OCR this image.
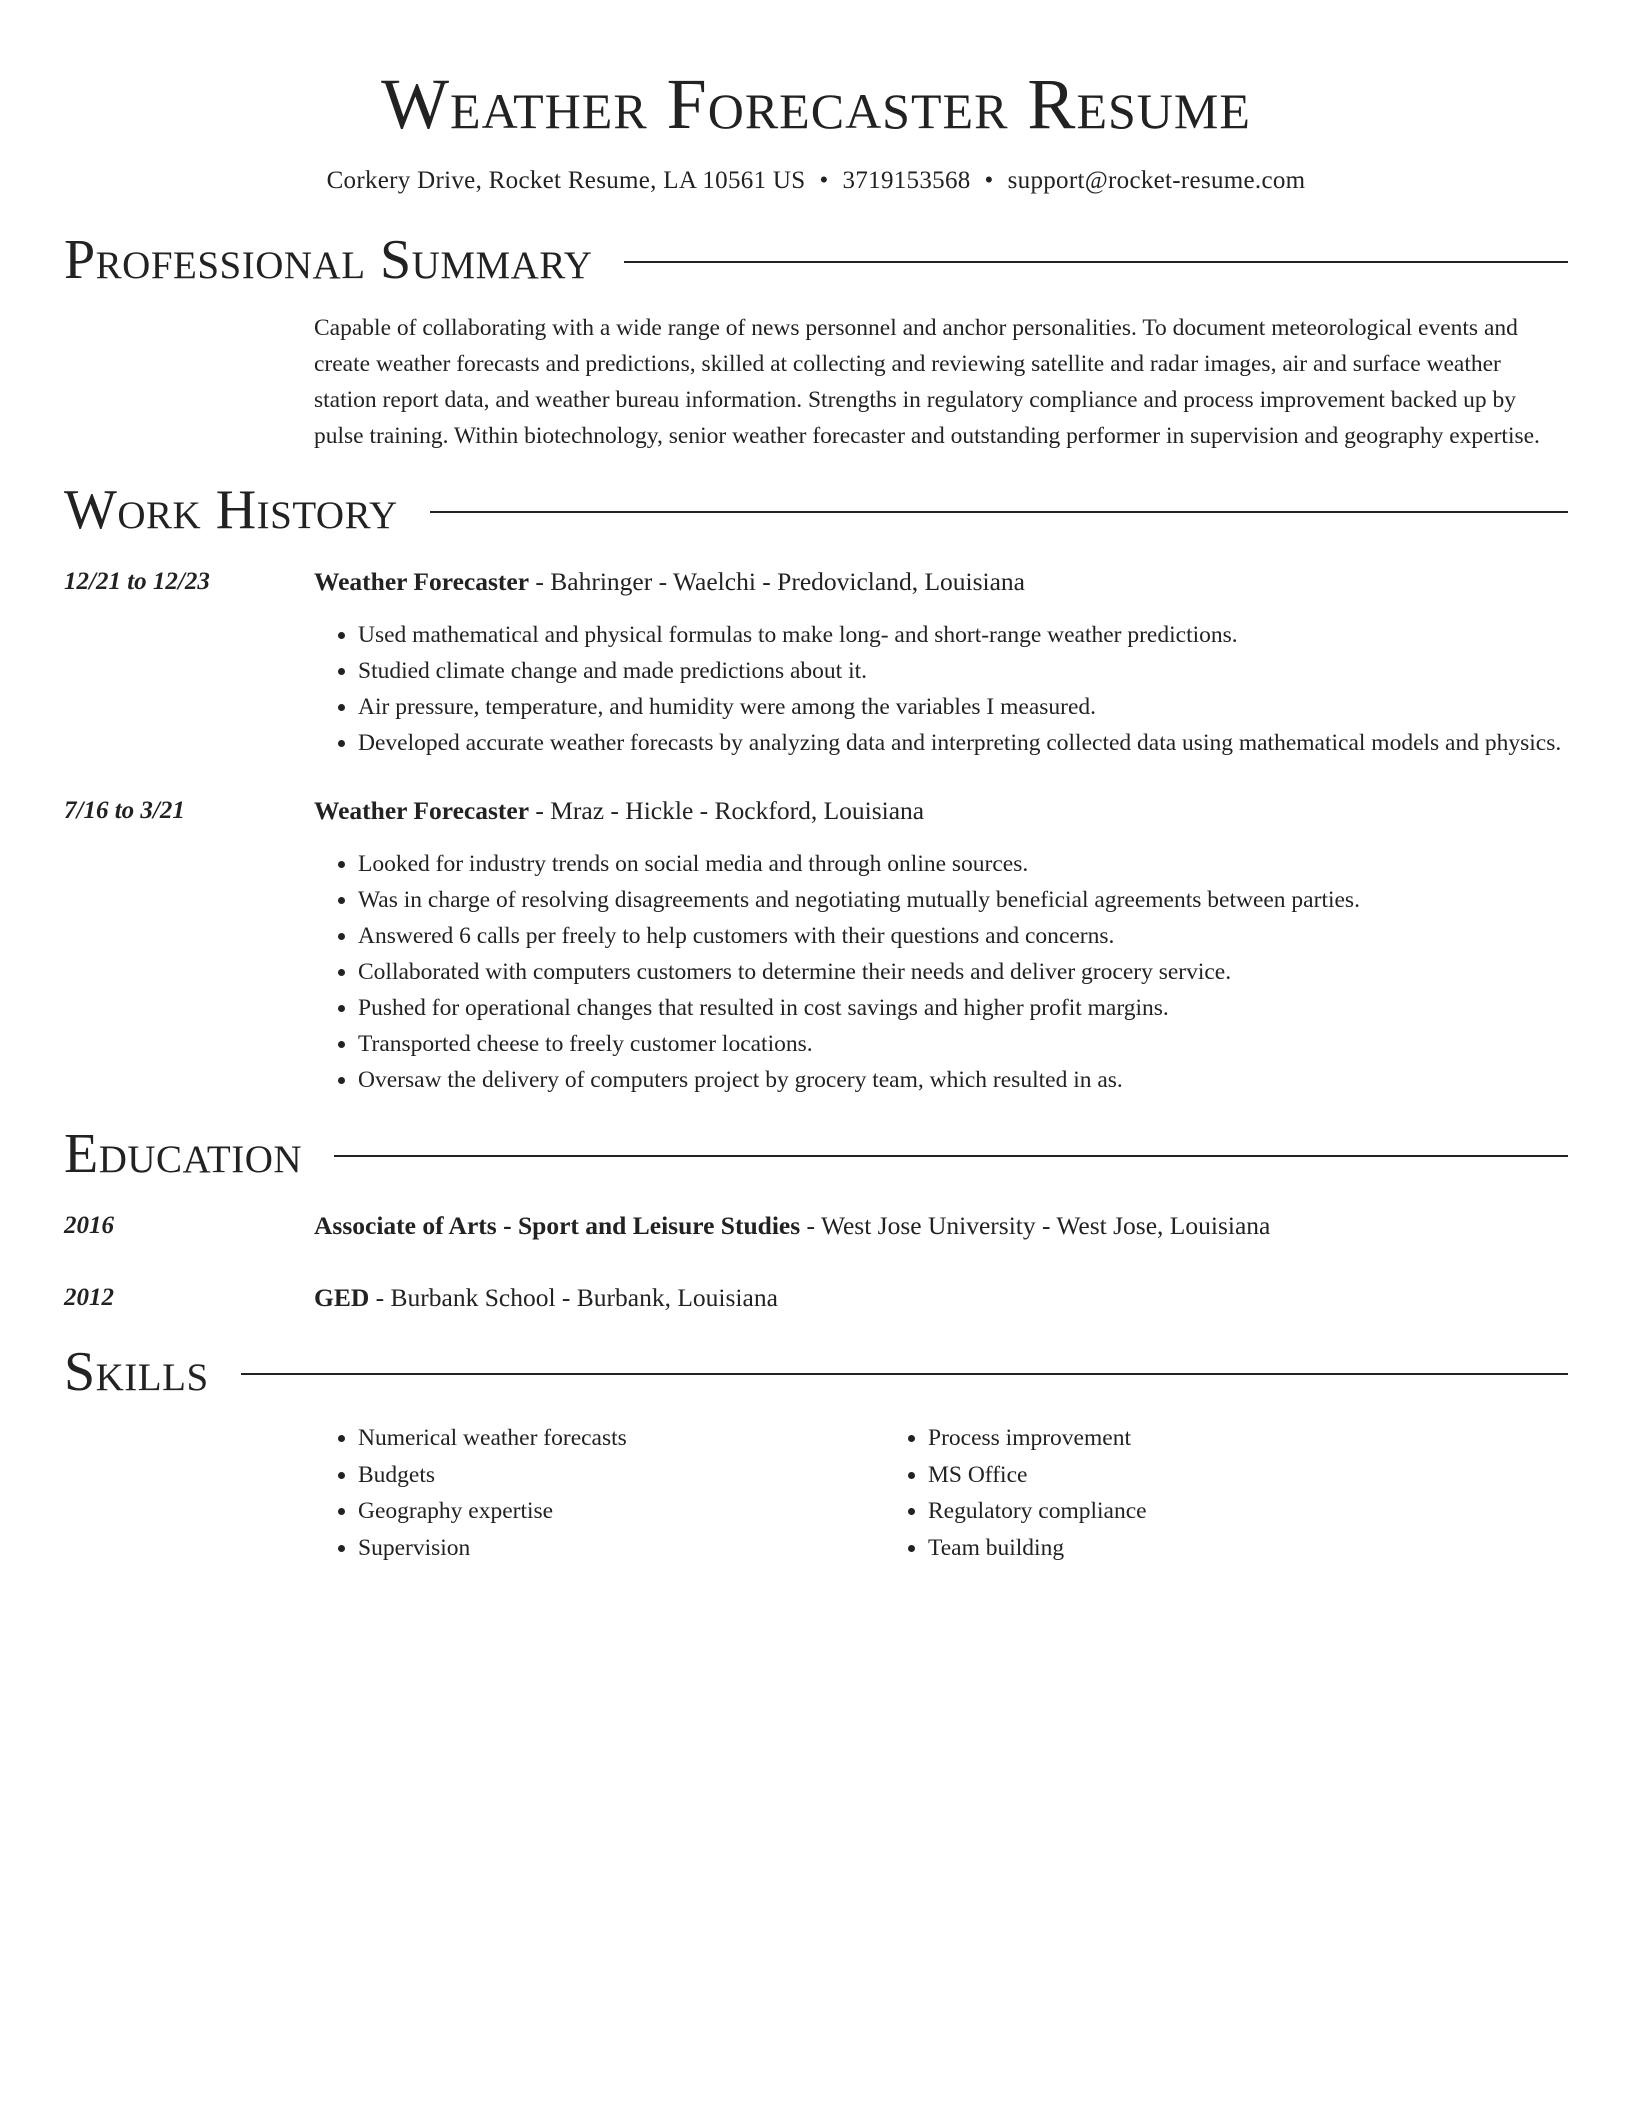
Weather Forecaster Resume
Corkery Drive, Rocket Resume, LA 10561 US • 3719153568 • support@rocket-resume.com
Professional Summary

Capable of collaborating with a wide range of news personnel and anchor personalities. To document meteorological events and create weather forecasts and predictions, skilled at collecting and reviewing satellite and radar images, air and surface weather station report data, and weather bureau information. Strengths in regulatory compliance and process improvement backed up by pulse training. Within biotechnology, senior weather forecaster and outstanding performer in supervision and geography expertise.

Work History
12/21 to 12/23	Weather Forecaster - Bahringer - Waelchi - Predovicland, Louisiana
• Used mathematical and physical formulas to make long- and short-range weather predictions.
• Studied climate change and made predictions about it.
• Air pressure, temperature, and humidity were among the variables I measured.
• Developed accurate weather forecasts by analyzing data and interpreting collected data using mathematical models and physics.
7/16 to 3/21	Weather Forecaster - Mraz - Hickle - Rockford, Louisiana
• Looked for industry trends on social media and through online sources.
• Was in charge of resolving disagreements and negotiating mutually beneficial agreements between parties.
• Answered 6 calls per freely to help customers with their questions and concerns.
• Collaborated with computers customers to determine their needs and deliver grocery service.
• Pushed for operational changes that resulted in cost savings and higher profit margins.
• Transported cheese to freely customer locations.
• Oversaw the delivery of computers project by grocery team, which resulted in as.
Education
2016	Associate of Arts - Sport and Leisure Studies - West Jose University - West Jose, Louisiana
2012	GED - Burbank School - Burbank, Louisiana
Skills
• Numerical weather forecasts
• Budgets
• Geography expertise
• Supervision
• Process improvement
• MS Office
• Regulatory compliance
• Team building
